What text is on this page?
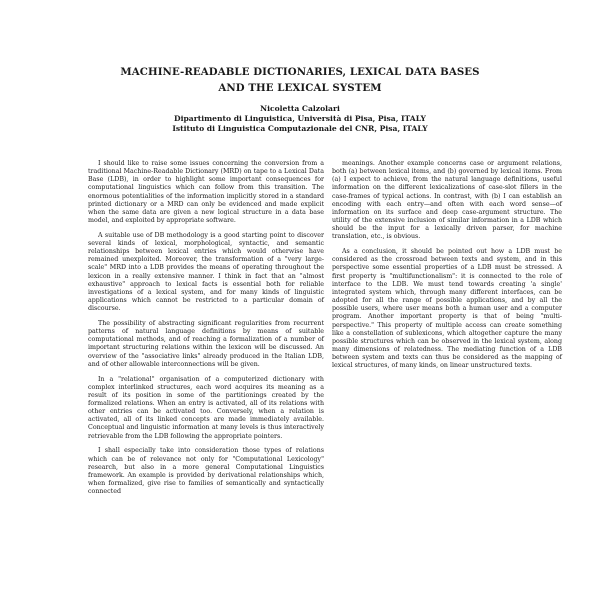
MACHINE-READABLE DICTIONARIES, LEXICAL DATA BASES
AND THE LEXICAL SYSTEM
Nicoletta Calzolari
Dipartimento di Linguistica, Università di Pisa, Pisa, ITALY
Istituto di Linguistica Computazionale del CNR, Pisa, ITALY

I should like to raise some issues concerning the conversion from a traditional Machine-Readable Dictionary (MRD) on tape to a Lexical Data Base (LDB), in order to highlight some important consequences for computational linguistics which can follow from this transition. The enormous potentialities of the information implicitly stored in a standard printed dictionary or a MRD can only be evidenced and made explicit when the same data are given a new logical structure in a data base model, and exploited by appropriate software.

A suitable use of DB methodology is a good starting point to discover several kinds of lexical, morphological, syntactic, and semantic relationships between lexical entries which would otherwise have remained unexploited. Moreover, the transformation of a "very large-scale" MRD into a LDB provides the means of operating throughout the lexicon in a really extensive manner. I think in fact that an "almost exhaustive" approach to lexical facts is essential both for reliable investigations of a lexical system, and for many kinds of linguistic applications which cannot be restricted to a particular domain of discourse.

The possibility of abstracting significant regularities from recurrent patterns of natural language definitions by means of suitable computational methods, and of reaching a formalization of a number of important structuring relations within the lexicon will be discussed. An overview of the "associative links" already produced in the Italian LDB, and of other allowable interconnections will be given.

In a "relational" organisation of a computerized dictionary with complex interlinked structures, each word acquires its meaning as a result of its position in some of the partitionings created by the formalized relations. When an entry is activated, all of its relations with other entries can be activated too. Conversely, when a relation is activated, all of its linked concepts are made immediately available. Conceptual and linguistic information at many levels is thus interactively retrievable from the LDB following the appropriate pointers.

I shall especially take into consideration those types of relations which can be of relevance not only for "Computational Lexicology" research, but also in a more general Computational Linguistics framework. An example is provided by derivational relationships which, when formalized, give rise to families of semantically and syntactically connected

meanings. Another example concerns case or argument relations, both (a) between lexical items, and (b) governed by lexical items. From (a) I expect to achieve, from the natural language definitions, useful information on the different lexicalizations of case-slot fillers in the case-frames of typical actions. In contrast, with (b) I can establish an encoding with each entry—and often with each word sense—of information on its surface and deep case-argument structure. The utility of the extensive inclusion of similar information in a LDB which should be the input for a lexically driven parser, for machine translation, etc., is obvious.

As a conclusion, it should be pointed out how a LDB must be considered as the crossroad between texts and system, and in this perspective some essential properties of a LDB must be stressed. A first property is "multifunctionalism": it is connected to the role of interface to the LDB. We must tend towards creating 'a single' integrated system which, through many different interfaces, can be adopted for all the range of possible applications, and by all the possible users, where user means both a human user and a computer program. Another important property is that of being "multi-perspective." This property of multiple access can create something like a constellation of sublexicons, which altogether capture the many possible structures which can be observed in the lexical system, along many dimensions of relatedness. The mediating function of a LDB between system and texts can thus be considered as the mapping of lexical structures, of many kinds, on linear unstructured texts.
